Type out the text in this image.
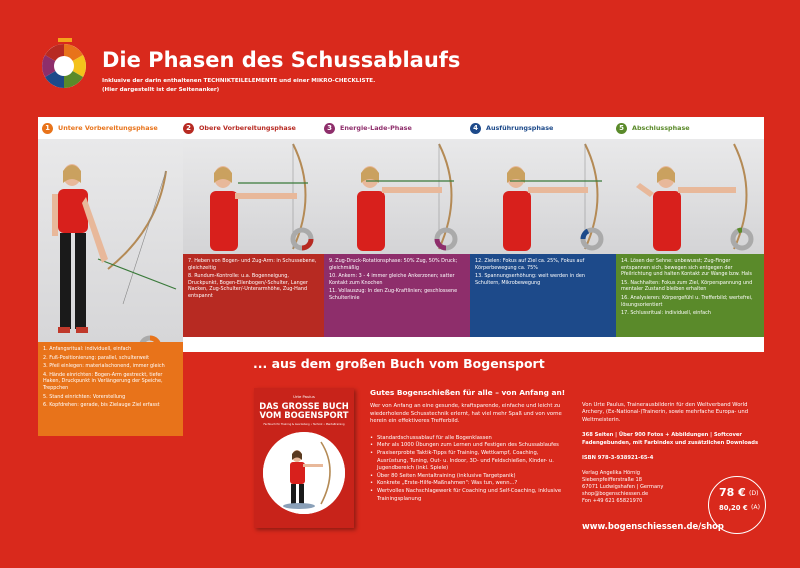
Die Phasen des Schussablaufs
Inklusive der darin enthaltenen TECHNIKTEILELEMENTE und einer MIKRO-CHECKLISTE.
(Hier dargestellt ist der Seitenanker)
1	Untere Vorbereitungsphase	2	Obere Vorbereitungsphase	3	Energie-Lade-Phase	4	Ausführungsphase	5	Abschlussphase

7. Heben von Bogen- und Zug-Arm: in Schussebene, gleichzeitig

8. Rundum-Kontrolle: u.a. Bogenneigung, Druckpunkt, Bogen-Ellenbogen/-Schulter, Langer Nacken, Zug-Schulter/-Unterarmhöhe, Zug-Hand entspannt

9. Zug-Druck-Rotationsphase: 50% Zug, 50% Druck; gleichmäßig

10. Ankern: 3 - 4 immer gleiche Ankerzonen; satter Kontakt zum Knochen

11. Vollauszug: In den Zug-Kraftlinien; geschlossene Schulterlinie

12. Zielen: Fokus auf Ziel ca. 25%, Fokus auf Körperbewegung ca. 75%

13. Spannungserhöhung: weit werden in den Schultern, Mikrobewegung

14. Lösen der Sehne: unbewusst; Zug-Finger entspannen sich, bewegen sich entgegen der Pfeilrichtung und halten Kontakt zur Wange bzw. Hals

15. Nachhalten: Fokus zum Ziel, Körperspannung und mentaler Zustand bleiben erhalten

16. Analysieren: Körpergefühl u. Trefferbild; wertefrei, lösungsorientiert

17. Schlussritual: individuell, einfach

1. Anfangsritual: individuell, einfach

2. Fuß-Positionierung: parallel, schulterweit

3. Pfeil einlegen: materialschonend, immer gleich

4. Hände einrichten: Bogen-Arm gestreckt, tiefer Haken, Druckpunkt in Verlängerung der Speiche, Treppchen

5. Stand einrichten: Vorerstellung

6. Kopfdrehen: gerade, bis Zielauge Ziel erfasst

© Verlag Angelika Hörnig
... aus dem großen Buch vom Bogensport
Urte Paulus
DAS GROSSE BUCH
VOM BOGENSPORT
Fachbuch für Training & Ausrüstung • Technik • Mentaltraining
Gutes Bogenschießen für alle – von Anfang an!
Wer von Anfang an eine gesunde, kraftsparende, einfache und leicht zu wiederholende Schusstechnik erlernt, hat viel mehr Spaß und von vorne herein ein effektiveres Trefferbild.
• Standardschussablauf für alle Bogenklassen
• Mehr als 1000 Übungen zum Lernen und Festigen des Schussablaufes
• Praxiserprobte Taktik-Tipps für Training, Wettkampf, Coaching, Ausrüstung, Tuning, Out- u. Indoor, 3D- und Feldschießen, Kinder- u. Jugendbereich (inkl. Spiele)
• Über 80 Seiten Mentaltraining (inklusive Targetpanik)
• Konkrete „Erste-Hilfe-Maßnahmen": Was tun, wenn...?
• Wertvolles Nachschlagewerk für Coaching und Self-Coaching, inklusive Trainingsplanung
Von Urte Paulus, Trainerausbilderin für den Weltverband World Archery, (Ex-National-)Trainerin, sowie mehrfache Europa- und Weltmeisterin.
368 Seiten | Über 900 Fotos + Abbildungen | Softcover Fadengebunden, mit Farbindex und zusätzlichen Downloads
ISBN 978-3-938921-65-4
Verlag Angelika Hörnig
Siebenpfeifferstraße 18
67071 Ludwigshafen | Germany
shop@bogenschiessen.de
Fon +49 621 65821970
www.bogenschiessen.de/shop
78 € (D)
80,20 € (A)
